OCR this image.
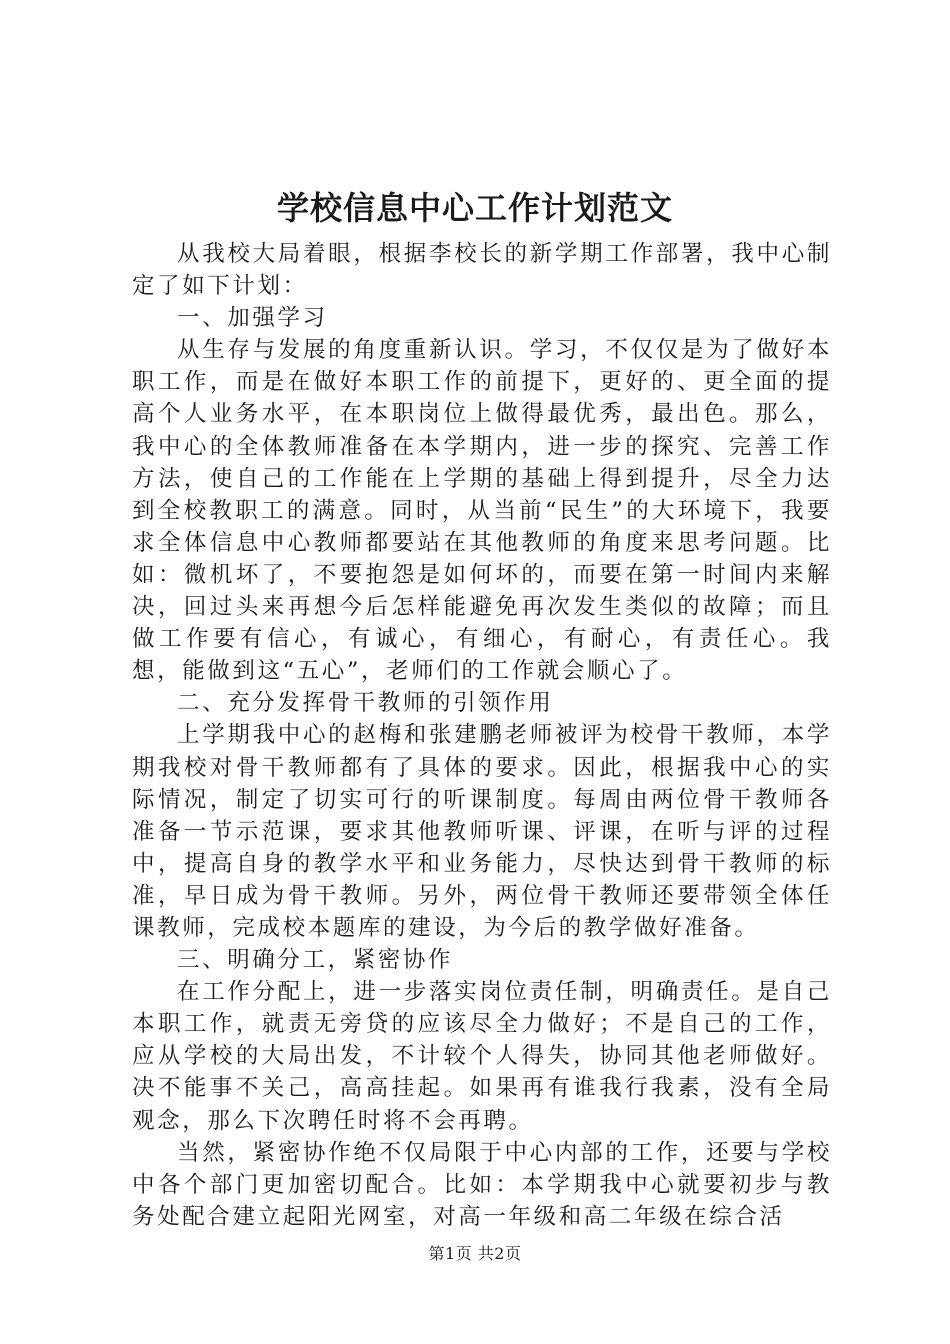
学校信息中心工作计划范文

从我校大局着眼，根据李校长的新学期工作部署，我中心制定了如下计划：

一、加强学习

从生存与发展的角度重新认识。学习，不仅仅是为了做好本职工作，而是在做好本职工作的前提下，更好的、更全面的提高个人业务水平，在本职岗位上做得最优秀，最出色。那么，我中心的全体教师准备在本学期内，进一步的探究、完善工作方法，使自己的工作能在上学期的基础上得到提升，尽全力达到全校教职工的满意。同时，从当前“民生”的大环境下，我要求全体信息中心教师都要站在其他教师的角度来思考问题。比如：微机坏了，不要抱怨是如何坏的，而要在第一时间内来解决，回过头来再想今后怎样能避免再次发生类似的故障；而且做工作要有信心，有诚心，有细心，有耐心，有责任心。我想，能做到这“五心”，老师们的工作就会顺心了。

二、充分发挥骨干教师的引领作用

上学期我中心的赵梅和张建鹏老师被评为校骨干教师，本学期我校对骨干教师都有了具体的要求。因此，根据我中心的实际情况，制定了切实可行的听课制度。每周由两位骨干教师各准备一节示范课，要求其他教师听课、评课，在听与评的过程中，提高自身的教学水平和业务能力，尽快达到骨干教师的标准，早日成为骨干教师。另外，两位骨干教师还要带领全体任课教师，完成校本题库的建设，为今后的教学做好准备。

三、明确分工，紧密协作

在工作分配上，进一步落实岗位责任制，明确责任。是自己本职工作，就责无旁贷的应该尽全力做好；不是自己的工作，应从学校的大局出发，不计较个人得失，协同其他老师做好。决不能事不关己，高高挂起。如果再有谁我行我素，没有全局观念，那么下次聘任时将不会再聘。

当然，紧密协作绝不仅局限于中心内部的工作，还要与学校中各个部门更加密切配合。比如：本学期我中心就要初步与教务处配合建立起阳光网室，对高一年级和高二年级在综合活

第1页 共2页
